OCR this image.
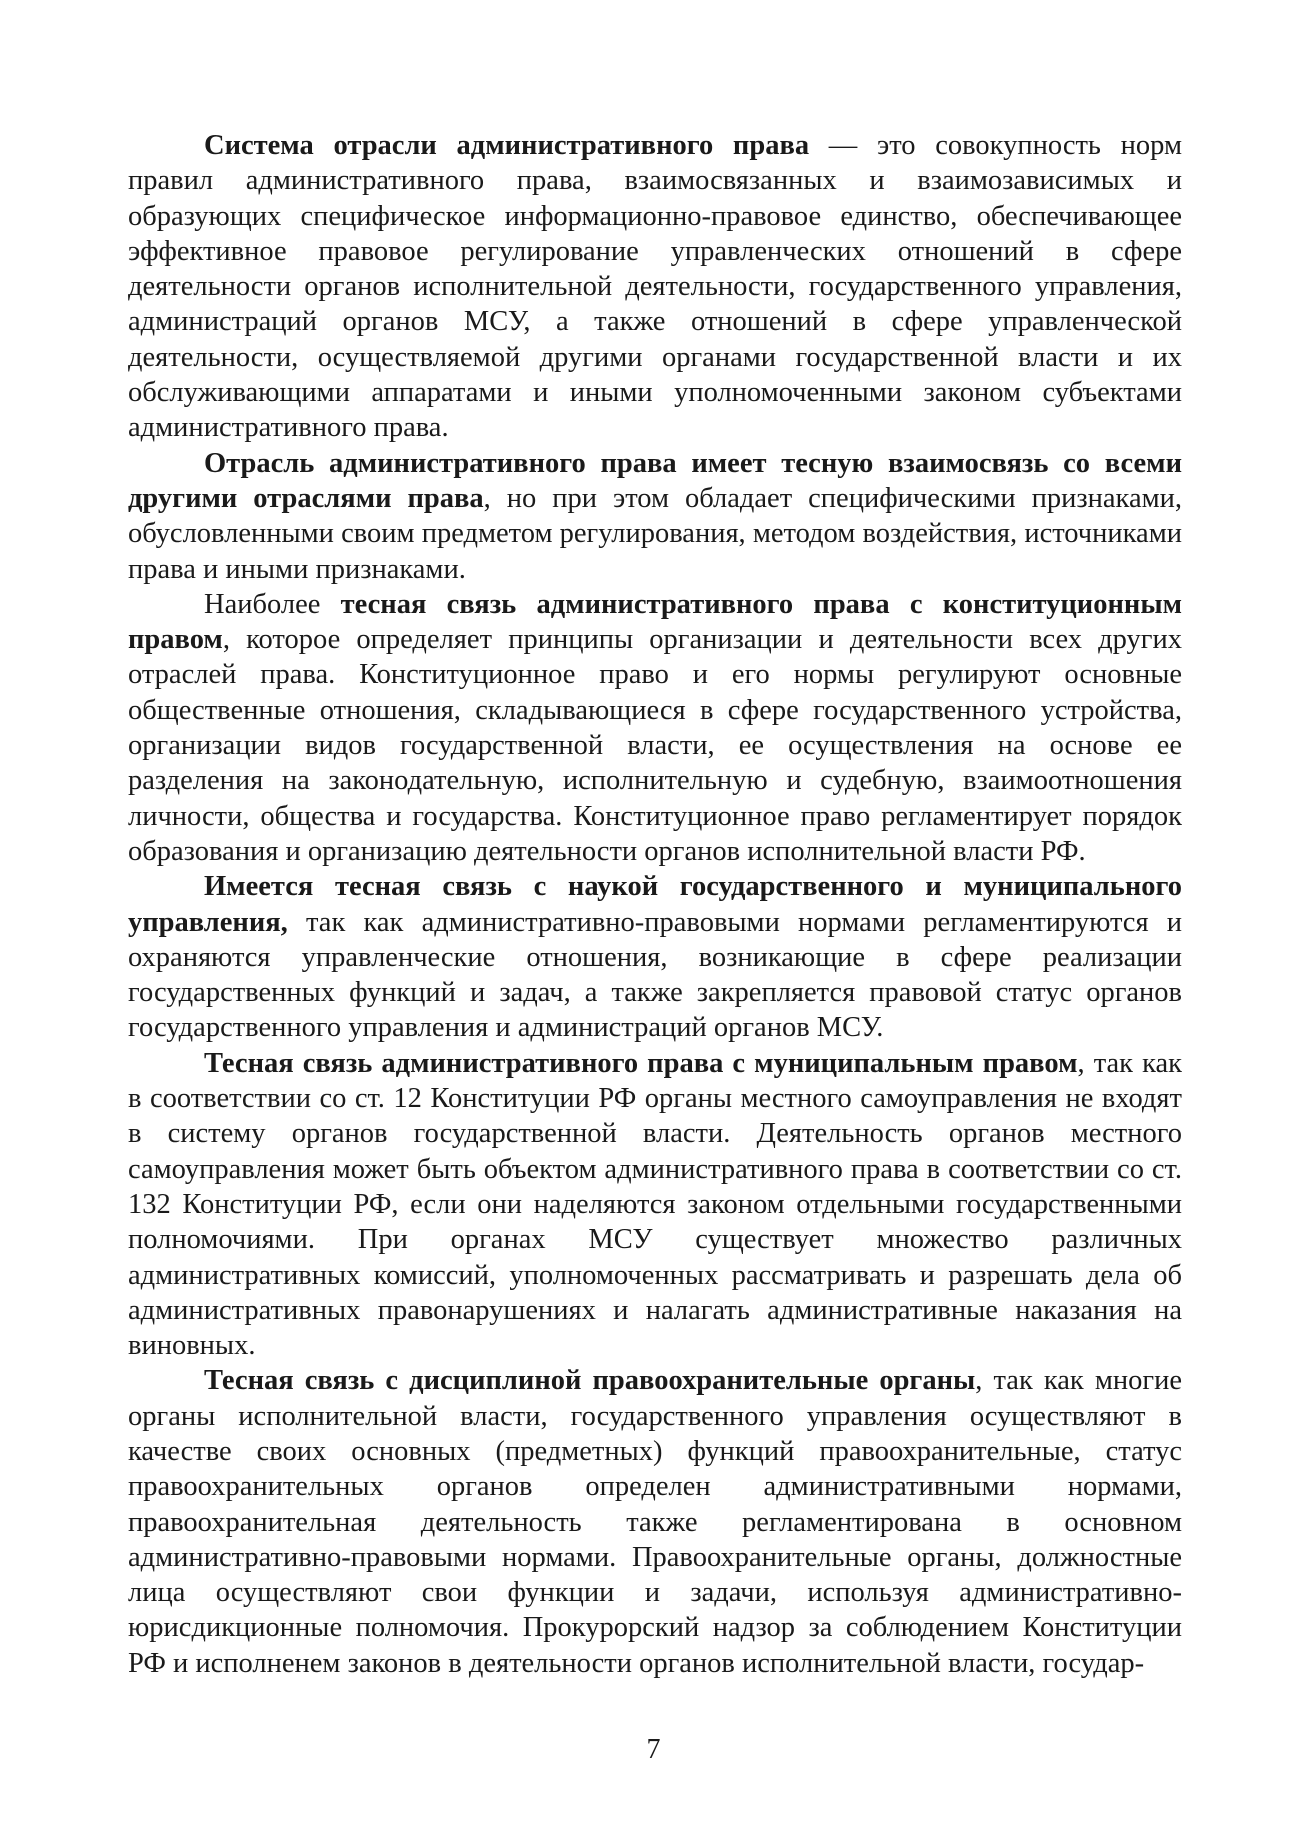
Система отрасли административного права — это совокупность норм правил административного права, взаимосвязанных и взаимозависимых и образующих специфическое информационно-правовое единство, обеспечивающее эффективное правовое регулирование управленческих отношений в сфере деятельности органов исполнительной деятельности, государственного управления, администраций органов МСУ, а также отношений в сфере управленческой деятельности, осуществляемой другими органами государственной власти и их обслуживающими аппаратами и иными уполномоченными законом субъектами административного права.

Отрасль административного права имеет тесную взаимосвязь со всеми другими отраслями права, но при этом обладает специфическими признаками, обусловленными своим предметом регулирования, методом воздействия, источниками права и иными признаками.

Наиболее тесная связь административного права с конституционным правом, которое определяет принципы организации и деятельности всех других отраслей права. Конституционное право и его нормы регулируют основные общественные отношения, складывающиеся в сфере государственного устройства, организации видов государственной власти, ее осуществления на основе ее разделения на законодательную, исполнительную и судебную, взаимоотношения личности, общества и государства. Конституционное право регламентирует порядок образования и организацию деятельности органов исполнительной власти РФ.

Имеется тесная связь с наукой государственного и муниципального управления, так как административно-правовыми нормами регламентируются и охраняются управленческие отношения, возникающие в сфере реализации государственных функций и задач, а также закрепляется правовой статус органов государственного управления и администраций органов МСУ.

Тесная связь административного права с муниципальным правом, так как в соответствии со ст. 12 Конституции РФ органы местного самоуправления не входят в систему органов государственной власти. Деятельность органов местного самоуправления может быть объектом административного права в соответствии со ст. 132 Конституции РФ, если они наделяются законом отдельными государственными полномочиями. При органах МСУ существует множество различных административных комиссий, уполномоченных рассматривать и разрешать дела об административных правонарушениях и налагать административные наказания на виновных.

Тесная связь с дисциплиной правоохранительные органы, так как многие органы исполнительной власти, государственного управления осуществляют в качестве своих основных (предметных) функций правоохранительные, статус правоохранительных органов определен административными нормами, правоохранительная деятельность также регламентирована в основном административно-правовыми нормами. Правоохранительные органы, должностные лица осуществляют свои функции и задачи, используя административно-юрисдикционные полномочия. Прокурорский надзор за соблюдением Конституции РФ и исполненем законов в деятельности органов исполнительной власти, государ-

7
